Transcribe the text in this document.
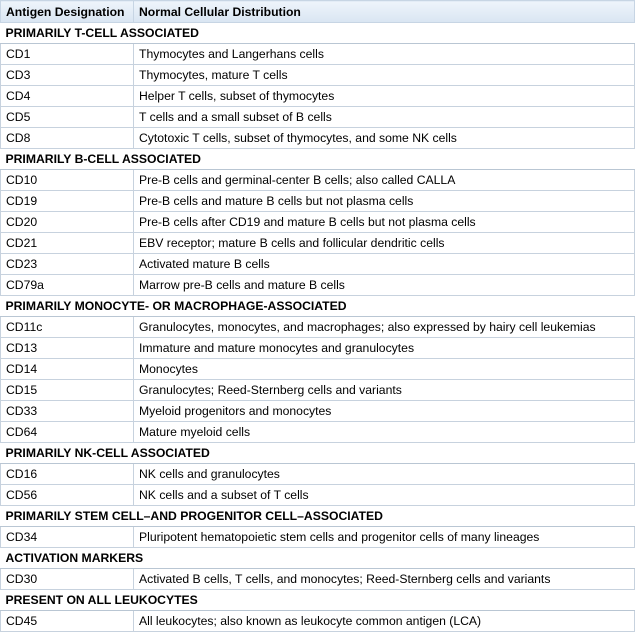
Antigen Designation	Normal Cellular Distribution
PRIMARILY T-CELL ASSOCIATED	
CD1	Thymocytes and Langerhans cells
CD3	Thymocytes, mature T cells
CD4	Helper T cells, subset of thymocytes
CD5	T cells and a small subset of B cells
CD8	Cytotoxic T cells, subset of thymocytes, and some NK cells
PRIMARILY B-CELL ASSOCIATED	
CD10	Pre-B cells and germinal-center B cells; also called CALLA
CD19	Pre-B cells and mature B cells but not plasma cells
CD20	Pre-B cells after CD19 and mature B cells but not plasma cells
CD21	EBV receptor; mature B cells and follicular dendritic cells
CD23	Activated mature B cells
CD79a	Marrow pre-B cells and mature B cells
PRIMARILY MONOCYTE- OR MACROPHAGE-ASSOCIATED	
CD11c	Granulocytes, monocytes, and macrophages; also expressed by hairy cell leukemias
CD13	Immature and mature monocytes and granulocytes
CD14	Monocytes
CD15	Granulocytes; Reed-Sternberg cells and variants
CD33	Myeloid progenitors and monocytes
CD64	Mature myeloid cells
PRIMARILY NK-CELL ASSOCIATED	
CD16	NK cells and granulocytes
CD56	NK cells and a subset of T cells
PRIMARILY STEM CELL–AND PROGENITOR CELL–ASSOCIATED	
CD34	Pluripotent hematopoietic stem cells and progenitor cells of many lineages
ACTIVATION MARKERS	
CD30	Activated B cells, T cells, and monocytes; Reed-Sternberg cells and variants
PRESENT ON ALL LEUKOCYTES	
CD45	All leukocytes; also known as leukocyte common antigen (LCA)
